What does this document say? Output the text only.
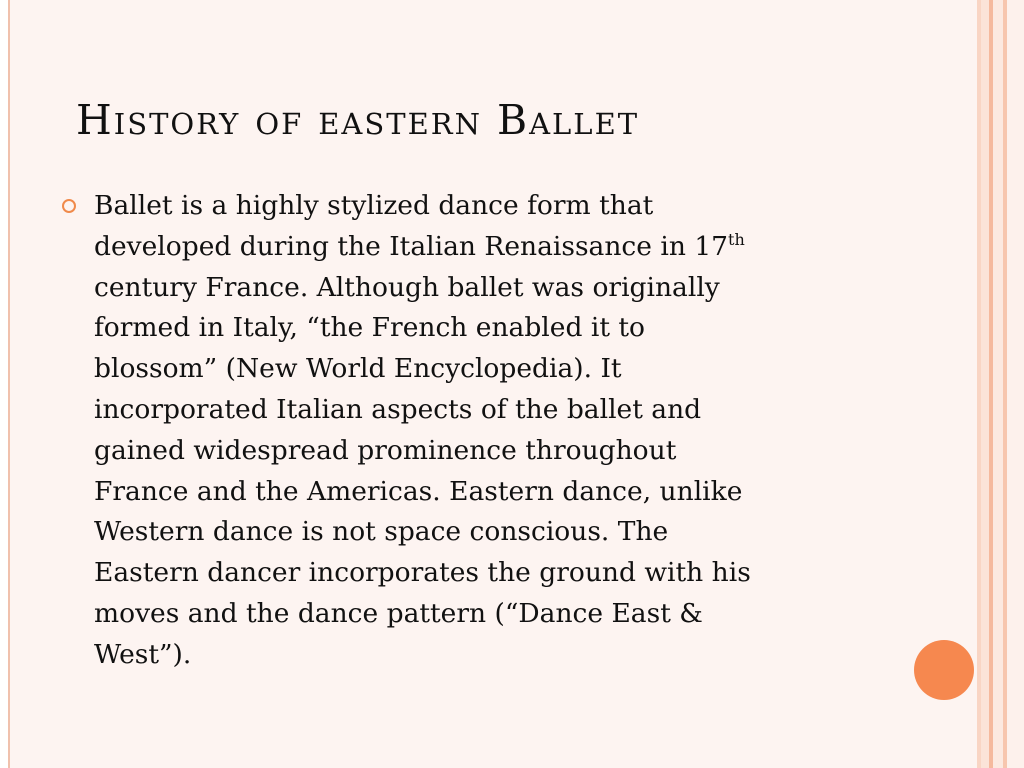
History of eastern Ballet

Ballet is a highly stylized dance form that
developed during the Italian Renaissance in 17th
century France. Although ballet was originally
formed in Italy, “the French enabled it to
blossom” (New World Encyclopedia). It
incorporated Italian aspects of the ballet and
gained widespread prominence throughout
France and the Americas. Eastern dance, unlike
Western dance is not space conscious. The
Eastern dancer incorporates the ground with his
moves and the dance pattern (“Dance East &
West”).
